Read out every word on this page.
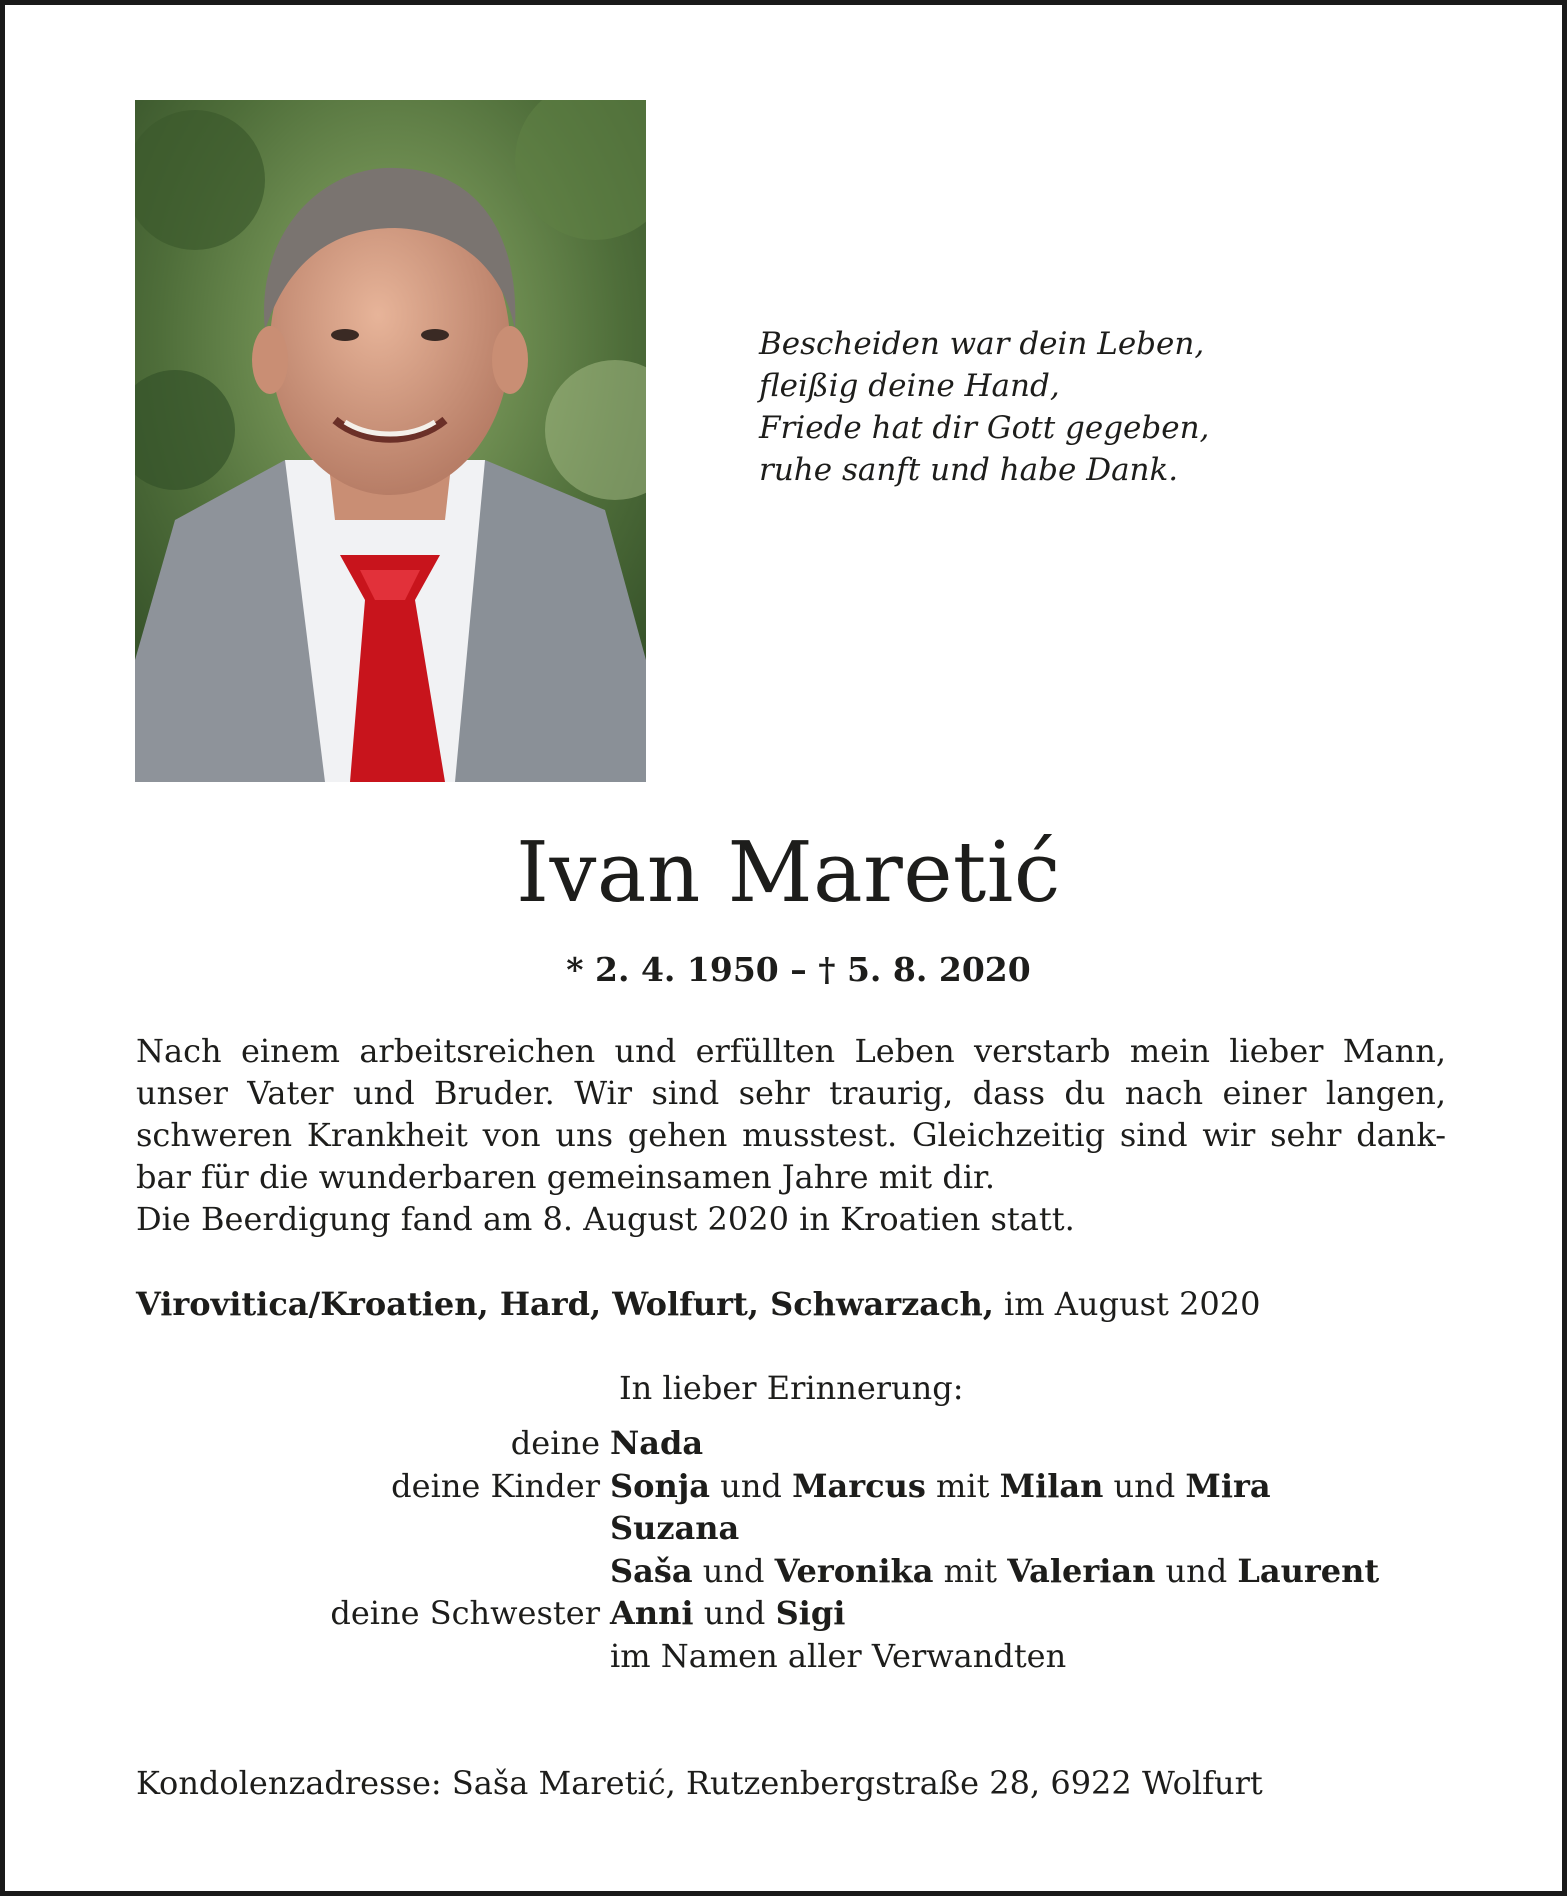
Bescheiden war dein Leben,
fleißig deine Hand,
Friede hat dir Gott gegeben,
ruhe sanft und habe Dank.
Ivan Maretić
* 2. 4. 1950 – † 5. 8. 2020
Nach einem arbeitsreichen und erfüllten Leben verstarb mein lieber Mann,
unser Vater und Bruder. Wir sind sehr traurig, dass du nach einer langen,
schweren Krankheit von uns gehen musstest. Gleichzeitig sind wir sehr dank-
bar für die wunderbaren gemeinsamen Jahre mit dir.
Die Beerdigung fand am 8. August 2020 in Kroatien statt.
Virovitica/Kroatien, Hard, Wolfurt, Schwarzach, im August 2020
In lieber Erinnerung:
deine Nada
deine Kinder Sonja und Marcus mit Milan und Mira
Suzana
Saša und Veronika mit Valerian und Laurent
deine Schwester Anni und Sigi
im Namen aller Verwandten
Kondolenzadresse: Saša Maretić, Rutzenbergstraße 28, 6922 Wolfurt
